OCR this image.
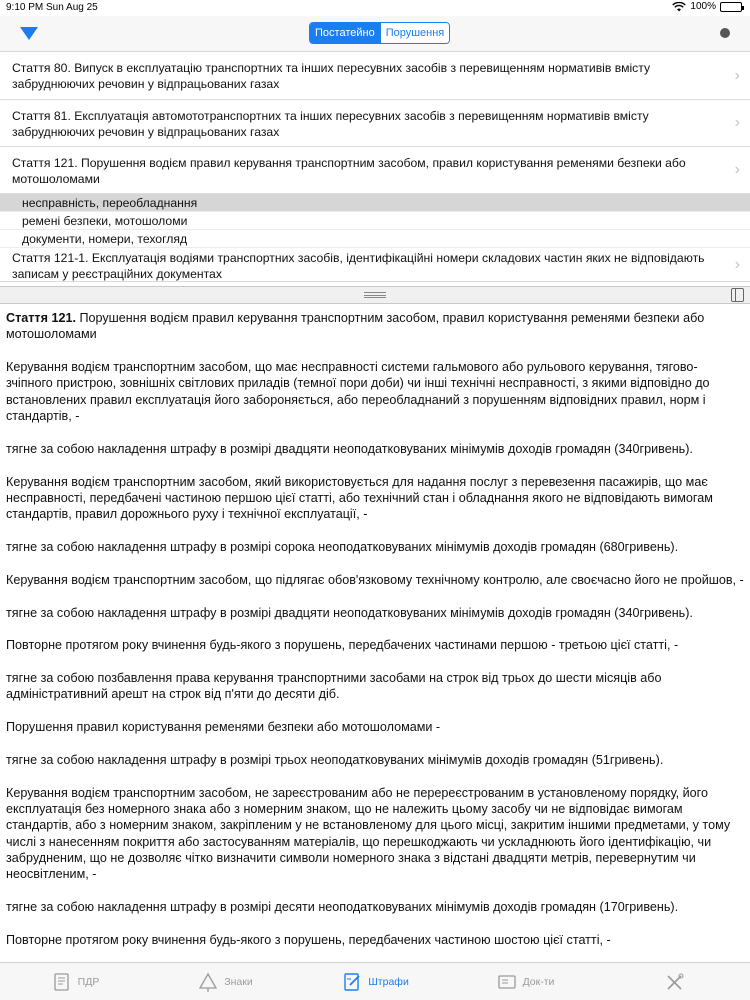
9:10 PM Sun Aug 25	100%
Постатейно	Порушення
Стаття 80. Випуск в експлуатацію транспортних та інших пересувних засобів з перевищенням нормативів вмісту забруднюючих речовин у відпрацьованих газах
›
Стаття 81. Експлуатація автомототранспортних та інших пересувних засобів з перевищенням нормативів вмісту забруднюючих речовин у відпрацьованих газах
›
Стаття 121. Порушення водієм правил керування транспортним засобом, правил користування ременями безпеки або мотошоломами
›
несправність, переобладнання
ремені безпеки, мотошоломи
документи, номери, техогляд
Стаття 121-1. Експлуатація водіями транспортних засобів, ідентифікаційні номери складових частин яких не відповідають записам у реєстраційних документах
›

Стаття 121. Порушення водієм правил керування транспортним засобом, правил користування ременями безпеки або мотошоломами

Керування водієм транспортним засобом, що має несправності системи гальмового або рульового керування, тягово-зчіпного пристрою, зовнішніх світлових приладів (темної пори доби) чи інші технічні несправності, з якими відповідно до встановлених правил експлуатація його забороняється, або переобладнаний з порушенням відповідних правил, норм і стандартів, -

тягне за собою накладення штрафу в розмірі двадцяти неоподатковуваних мінімумів доходів громадян (340гривень).

Керування водієм транспортним засобом, який використовується для надання послуг з перевезення пасажирів, що має несправності, передбачені частиною першою цієї статті, або технічний стан і обладнання якого не відповідають вимогам стандартів, правил дорожнього руху і технічної експлуатації, -

тягне за собою накладення штрафу в розмірі сорока неоподатковуваних мінімумів доходів громадян (680гривень).

Керування водієм транспортним засобом, що підлягає обов'язковому технічному контролю, але своєчасно його не пройшов, -

тягне за собою накладення штрафу в розмірі двадцяти неоподатковуваних мінімумів доходів громадян (340гривень).

Повторне протягом року вчинення будь-якого з порушень, передбачених частинами першою - третьою цієї статті, -

тягне за собою позбавлення права керування транспортними засобами на строк від трьох до шести місяців або адміністративний арешт на строк від п'яти до десяти діб.

Порушення правил користування ременями безпеки або мотошоломами -

тягне за собою накладення штрафу в розмірі трьох неоподатковуваних мінімумів доходів громадян (51гривень).

Керування водієм транспортним засобом, не зареєстрованим або не перереєстрованим в установленому порядку, його експлуатація без номерного знака або з номерним знаком, що не належить цьому засобу чи не відповідає вимогам стандартів, або з номерним знаком, закріпленим у не встановленому для цього місці, закритим іншими предметами, у тому числі з нанесенням покриття або застосуванням матеріалів, що перешкоджають чи ускладнюють його ідентифікацію, чи забрудненим, що не дозволяє чітко визначити символи номерного знака з відстані двадцяти метрів, перевернутим чи неосвітленим, -

тягне за собою накладення штрафу в розмірі десяти неоподатковуваних мінімумів доходів громадян (170гривень).

Повторне протягом року вчинення будь-якого з порушень, передбачених частиною шостою цієї статті, -

ПДР	Знаки	Штрафи	Док-ти
